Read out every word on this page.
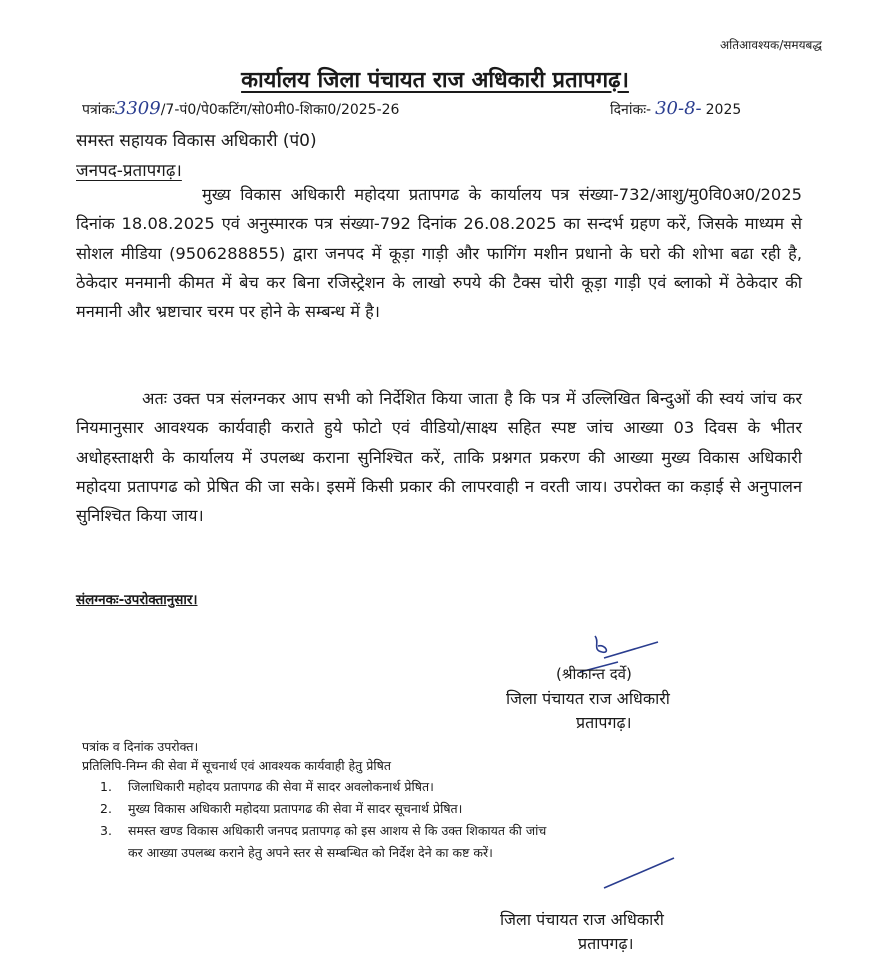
अतिआवश्यक/समयबद्ध
कार्यालय जिला पंचायत राज अधिकारी प्रतापगढ़।
पत्रांकः3309/7-पं0/पे0कटिंग/सो0मी0-शिका0/2025-26	दिनांकः- 30-8- 2025
समस्त सहायक विकास अधिकारी (पं0)
जनपद-प्रतापगढ़।

मुख्य विकास अधिकारी महोदया प्रतापगढ के कार्यालय पत्र संख्या-732/आशु/मु0वि0अ0/2025 दिनांक 18.08.2025 एवं अनुस्मारक पत्र संख्या-792 दिनांक 26.08.2025 का सन्दर्भ ग्रहण करें, जिसके माध्यम से सोशल मीडिया (9506288855) द्वारा जनपद में कूड़ा गाड़ी और फागिंग मशीन प्रधानो के घरो की शोभा बढा रही है, ठेकेदार मनमानी कीमत में बेच कर बिना रजिस्ट्रेशन के लाखो रुपये की टैक्स चोरी कूड़ा गाड़ी एवं ब्लाको में ठेकेदार की मनमानी और भ्रष्टाचार चरम पर होने के सम्बन्ध में है।

अतः उक्त पत्र संलग्नकर आप सभी को निर्देशित किया जाता है कि पत्र में उल्लिखित बिन्दुओं की स्वयं जांच कर नियमानुसार आवश्यक कार्यवाही कराते हुये फोटो एवं वीडियो/साक्ष्य सहित स्पष्ट जांच आख्या 03 दिवस के भीतर अधोहस्ताक्षरी के कार्यालय में उपलब्ध कराना सुनिश्चित करें, ताकि प्रश्नगत प्रकरण की आख्या मुख्य विकास अधिकारी महोदया प्रतापगढ को प्रेषित की जा सके। इसमें किसी प्रकार की लापरवाही न वरती जाय। उपरोक्त का कड़ाई से अनुपालन सुनिश्चित किया जाय।

संलग्नकः-उपरोक्तानुसार।
(श्रीकान्त दर्वे)
जिला पंचायत राज अधिकारी
प्रतापगढ़।
पत्रांक व दिनांक उपरोक्त।
प्रतिलिपि-निम्न की सेवा में सूचनार्थ एवं आवश्यक कार्यवाही हेतु प्रेषित
1. जिलाधिकारी महोदय प्रतापगढ की सेवा में सादर अवलोकनार्थ प्रेषित।
2. मुख्य विकास अधिकारी महोदया प्रतापगढ की सेवा में सादर सूचनार्थ प्रेषित।
3. समस्त खण्ड विकास अधिकारी जनपद प्रतापगढ़ को इस आशय से कि उक्त शिकायत की जांच
कर आख्या उपलब्ध कराने हेतु अपने स्तर से सम्बन्धित को निर्देश देने का कष्ट करें।
जिला पंचायत राज अधिकारी
प्रतापगढ़।
